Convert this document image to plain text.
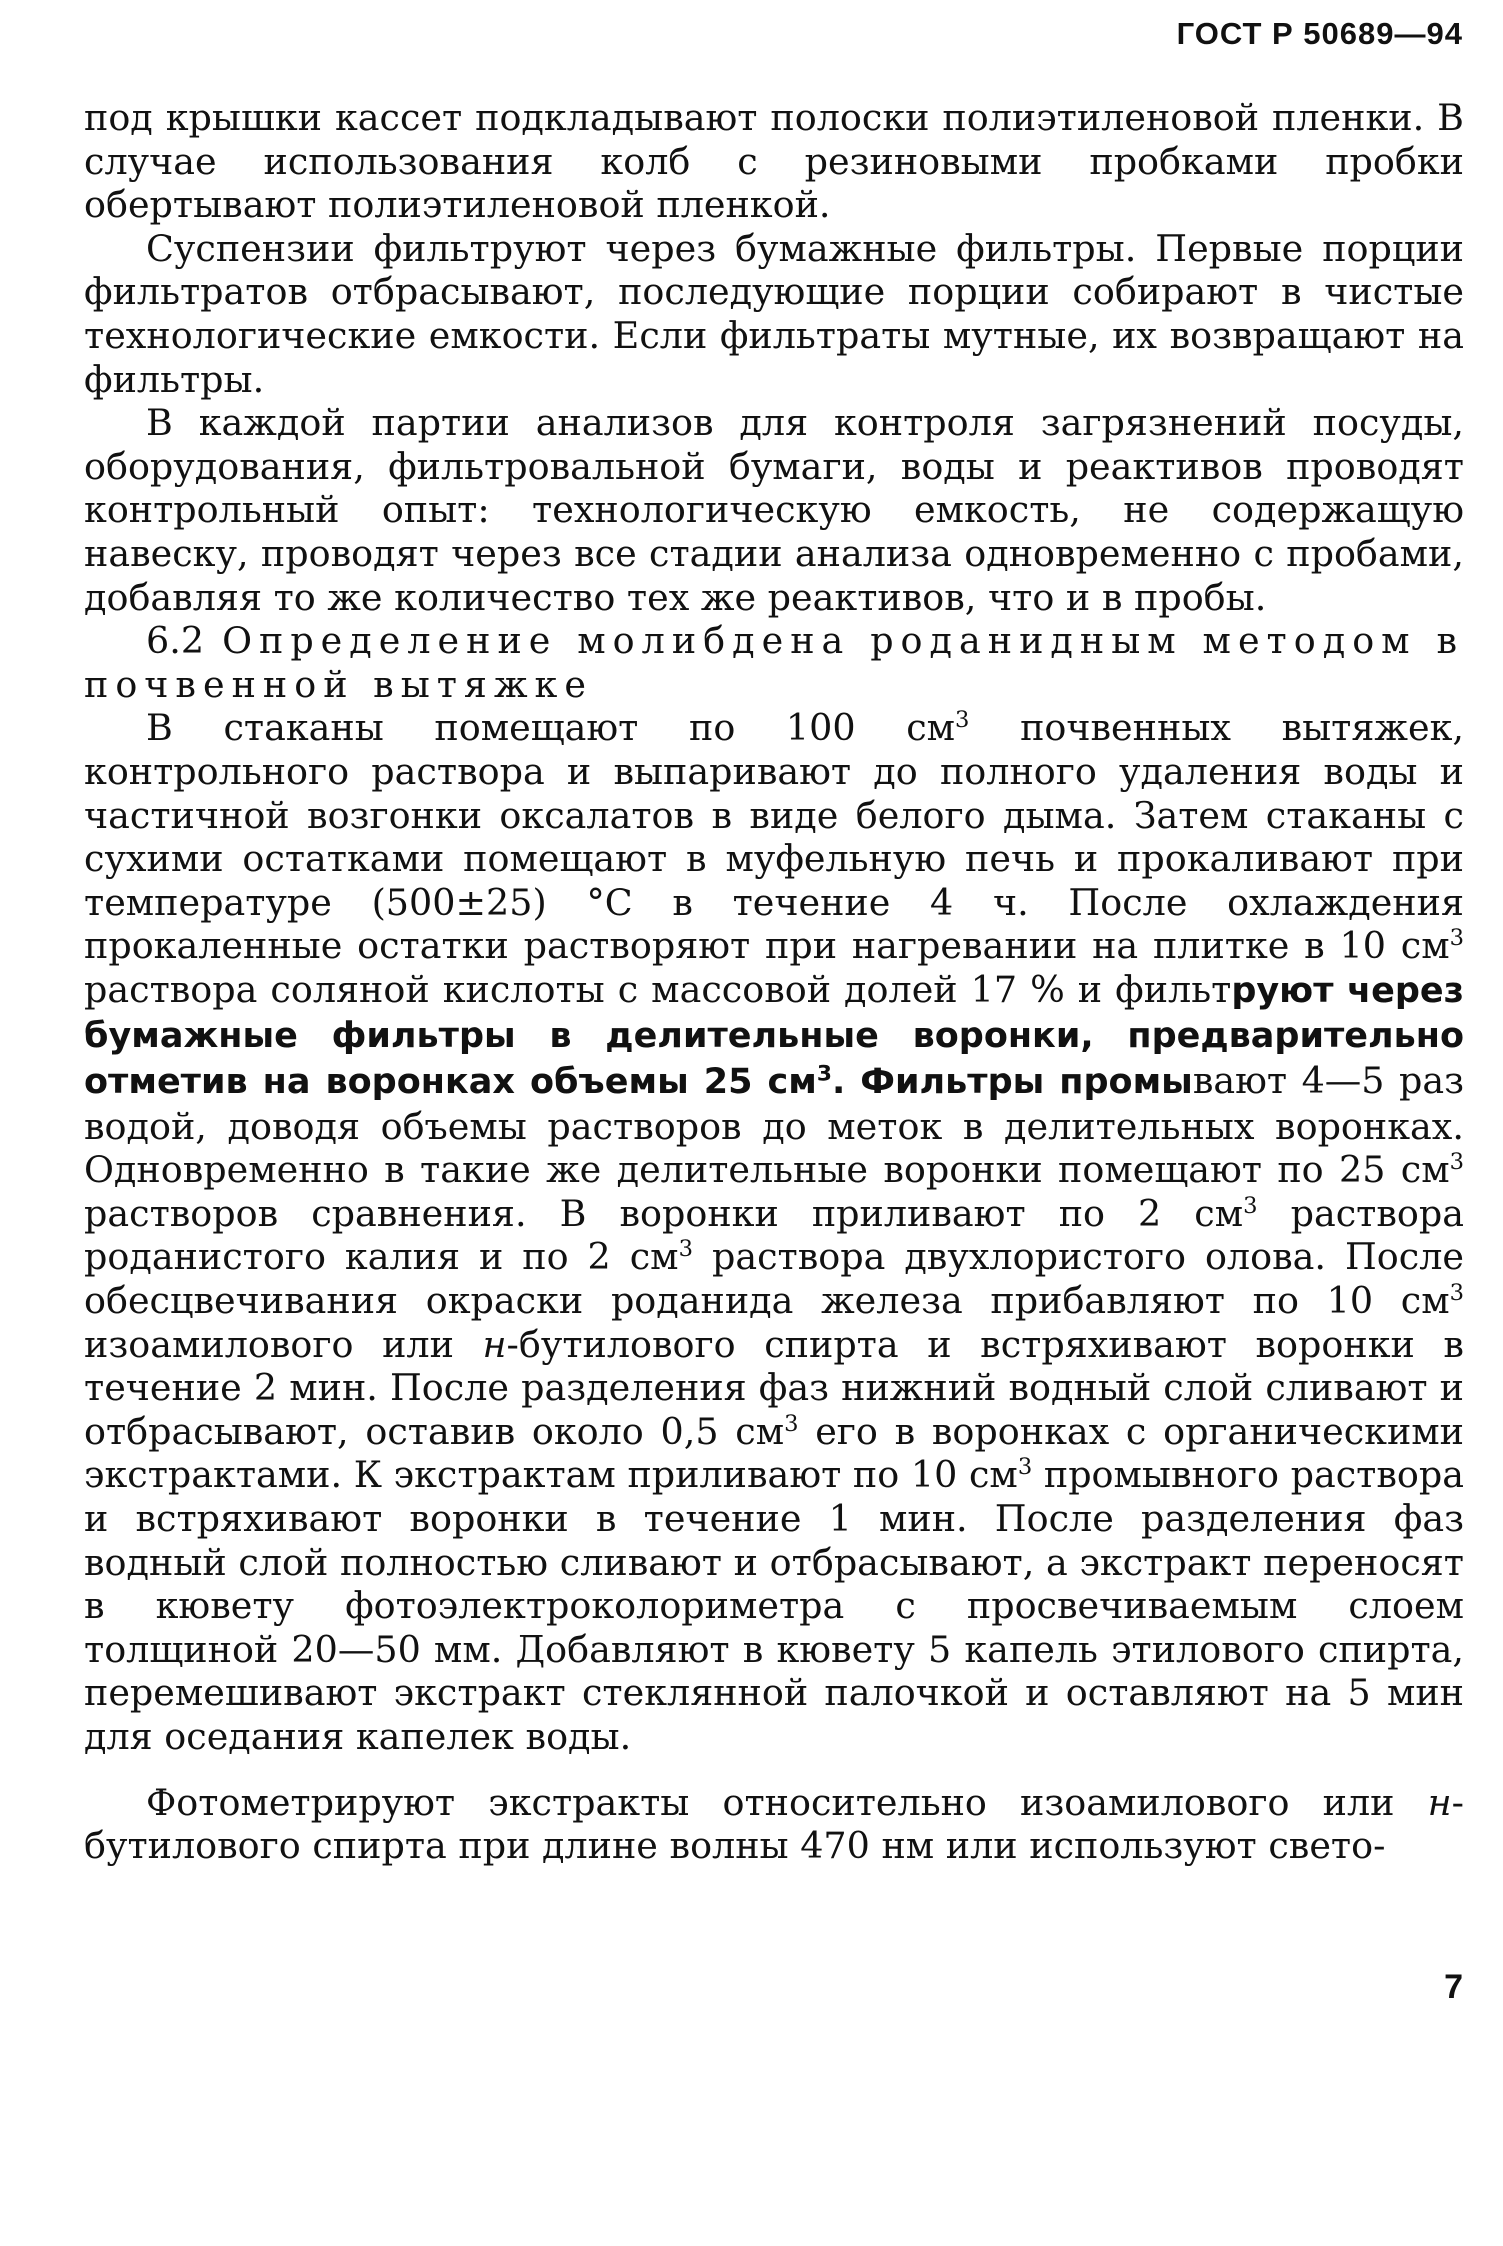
ГОСТ Р 50689—94

под крышки кассет подкладывают полоски полиэтиленовой пленки. В случае использования колб с резиновыми пробками пробки обертывают полиэтиленовой пленкой.

Суспензии фильтруют через бумажные фильтры. Первые порции фильтратов отбрасывают, последующие порции собирают в чистые технологические емкости. Если фильтраты мутные, их возвращают на фильтры.

В каждой партии анализов для контроля загрязнений посуды, оборудования, фильтровальной бумаги, воды и реактивов проводят контрольный опыт: технологическую емкость, не содержащую навеску, проводят через все стадии анализа одновременно с пробами, добавляя то же количество тех же реактивов, что и в пробы.

6.2 Определение молибдена роданидным методом в почвенной вытяжке

В стаканы помещают по 100 $см^3$ почвенных вытяжек, контрольного раствора и выпаривают до полного удаления воды и частичной возгонки оксалатов в виде белого дыма. Затем стаканы с сухими остатками помещают в муфельную печь и прокаливают при температуре (500±25) °С в течение 4 ч. После охлаждения прокаленные остатки растворяют при нагревании на плитке в 10 $см^3$ раствора соляной кислоты с массовой долей 17 % и фильтруют через бумажные фильтры в делительные воронки, предварительно отметив на воронках объемы 25 $см^3$. Фильтры промывают 4—5 раз водой, доводя объемы растворов до меток в делительных воронках. Одновременно в такие же делительные воронки помещают по 25 $см^3$ растворов сравнения. В воронки приливают по 2 $см^3$ раствора роданистого калия и по 2 $см^3$ раствора двухлористого олова. После обесцвечивания окраски роданида железа прибавляют по 10 $см^3$ изоамилового или н-бутилового спирта и встряхивают воронки в течение 2 мин. После разделения фаз нижний водный слой сливают и отбрасывают, оставив около 0,5 $см^3$ его в воронках с органическими экстрактами. К экстрактам приливают по 10 $см^3$ промывного раствора и встряхивают воронки в течение 1 мин. После разделения фаз водный слой полностью сливают и отбрасывают, а экстракт переносят в кювету фотоэлектроколориметра с просвечиваемым слоем толщиной 20—50 мм. Добавляют в кювету 5 капель этилового спирта, перемешивают экстракт стеклянной палочкой и оставляют на 5 мин для оседания капелек воды.

Фотометрируют экстракты относительно изоамилового или н-бутилового спирта при длине волны 470 нм или используют свето-

7
